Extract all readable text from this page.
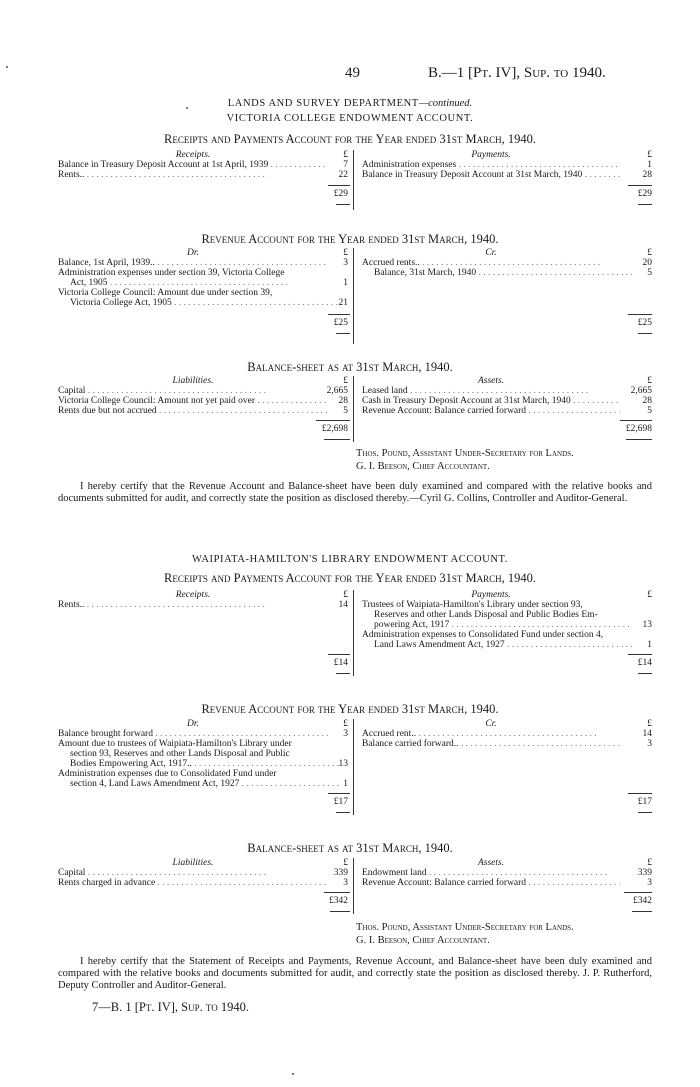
49	B.—1 [Pt. IV], Sup. to 1940.
LANDS AND SURVEY DEPARTMENT—continued.
VICTORIA COLLEGE ENDOWMENT ACCOUNT.
Receipts and Payments Account for the Year ended 31st March, 1940.
Receipts.	£	Payments.	£
Balance in Treasury Deposit Account at 1st April, 1939 . .	7 Administration expenses . .	1
Rents.. . .	22 Balance in Treasury Deposit Account at 31st March, 1940 . .	28
£29	£29
Revenue Account for the Year ended 31st March, 1940.
Dr.	£	Cr.	£
Balance, 1st April, 1939.. . .	3 Accrued rents.. . .	20
Administration expenses under section 39, Victoria College	Balance, 31st March, 1940 . .	5
Act, 1905 . .	1
Victoria College Council: Amount due under section 39,
Victoria College Act, 1905 . .	21
£25	£25
Balance-sheet as at 31st March, 1940.
Liabilities.	£	Assets.	£
Capital . .	2,665 Leased land . .	2,665
Victoria College Council: Amount not yet paid over . .	28 Cash in Treasury Deposit Account at 31st March, 1940 . .	28
Rents due but not accrued . .	5 Revenue Account: Balance carried forward . .	5
£2,698	£2,698
Thos. Pound, Assistant Under-Secretary for Lands.
G. I. Beeson, Chief Accountant.
I hereby certify that the Revenue Account and Balance-sheet have been duly examined and compared with the relative books and documents submitted for audit, and correctly state the position as disclosed thereby.—Cyril G. Collins, Controller and Auditor-General.
WAIPIATA-HAMILTON'S LIBRARY ENDOWMENT ACCOUNT.
Receipts and Payments Account for the Year ended 31st March, 1940.
Receipts.	£	Payments.	£
Rents.. . .	14 Trustees of Waipiata-Hamilton's Library under section 93,
Reserves and other Lands Disposal and Public Bodies Em-
powering Act, 1917 . .	13
Administration expenses to Consolidated Fund under section 4,
Land Laws Amendment Act, 1927 . .	1
£14	£14
Revenue Account for the Year ended 31st March, 1940.
Dr.	£	Cr.	£
Balance brought forward . .	3 Accrued rent.. . .	14
Amount due to trustees of Waipiata-Hamilton's Library under	Balance carried forward.. . .	3
section 93, Reserves and other Lands Disposal and Public
Bodies Empowering Act, 1917.. . .	13
Administration expenses due to Consolidated Fund under
section 4, Land Laws Amendment Act, 1927 . .	1
£17	£17
Balance-sheet as at 31st March, 1940.
Liabilities.	£	Assets.	£
Capital . .	339 Endowment land . .	339
Rents charged in advance . .	3 Revenue Account: Balance carried forward . .	3
£342	£342
Thos. Pound, Assistant Under-Secretary for Lands.
G. I. Beeson, Chief Accountant.
I hereby certify that the Statement of Receipts and Payments, Revenue Account, and Balance-sheet have been duly examined and compared with the relative books and documents submitted for audit, and correctly state the position as disclosed thereby. J. P. Rutherford, Deputy Controller and Auditor-General.
7—B. 1 [Pt. IV], Sup. to 1940.
